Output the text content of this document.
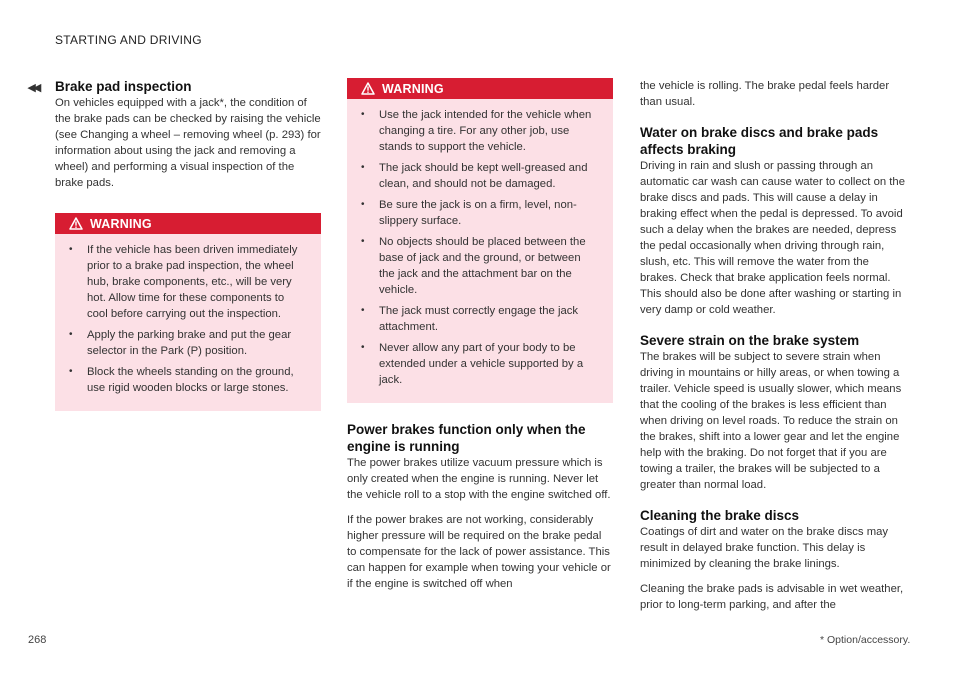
STARTING AND DRIVING
◂◂ Brake pad inspection

On vehicles equipped with a jack*, the condition of the brake pads can be checked by raising the vehicle (see Changing a wheel – removing wheel (p. 293) for information about using the jack and removing a wheel) and performing a visual inspection of the brake pads.

WARNING
• If the vehicle has been driven immediately prior to a brake pad inspection, the wheel hub, brake components, etc., will be very hot. Allow time for these components to cool before carrying out the inspection.
• Apply the parking brake and put the gear selector in the Park (P) position.
• Block the wheels standing on the ground, use rigid wooden blocks or large stones.
WARNING
• Use the jack intended for the vehicle when changing a tire. For any other job, use stands to support the vehicle.
• The jack should be kept well-greased and clean, and should not be damaged.
• Be sure the jack is on a firm, level, non-slippery surface.
• No objects should be placed between the base of jack and the ground, or between the jack and the attachment bar on the vehicle.
• The jack must correctly engage the jack attachment.
• Never allow any part of your body to be extended under a vehicle supported by a jack.
Power brakes function only when the engine is running

The power brakes utilize vacuum pressure which is only created when the engine is running. Never let the vehicle roll to a stop with the engine switched off.

If the power brakes are not working, considerably higher pressure will be required on the brake pedal to compensate for the lack of power assistance. This can happen for example when towing your vehicle or if the engine is switched off when

the vehicle is rolling. The brake pedal feels harder than usual.

Water on brake discs and brake pads affects braking

Driving in rain and slush or passing through an automatic car wash can cause water to collect on the brake discs and pads. This will cause a delay in braking effect when the pedal is depressed. To avoid such a delay when the brakes are needed, depress the pedal occasionally when driving through rain, slush, etc. This will remove the water from the brakes. Check that brake application feels normal. This should also be done after washing or starting in very damp or cold weather.

Severe strain on the brake system

The brakes will be subject to severe strain when driving in mountains or hilly areas, or when towing a trailer. Vehicle speed is usually slower, which means that the cooling of the brakes is less efficient than when driving on level roads. To reduce the strain on the brakes, shift into a lower gear and let the engine help with the braking. Do not forget that if you are towing a trailer, the brakes will be subjected to a greater than normal load.

Cleaning the brake discs

Coatings of dirt and water on the brake discs may result in delayed brake function. This delay is minimized by cleaning the brake linings.

Cleaning the brake pads is advisable in wet weather, prior to long-term parking, and after the

268	* Option/accessory.
